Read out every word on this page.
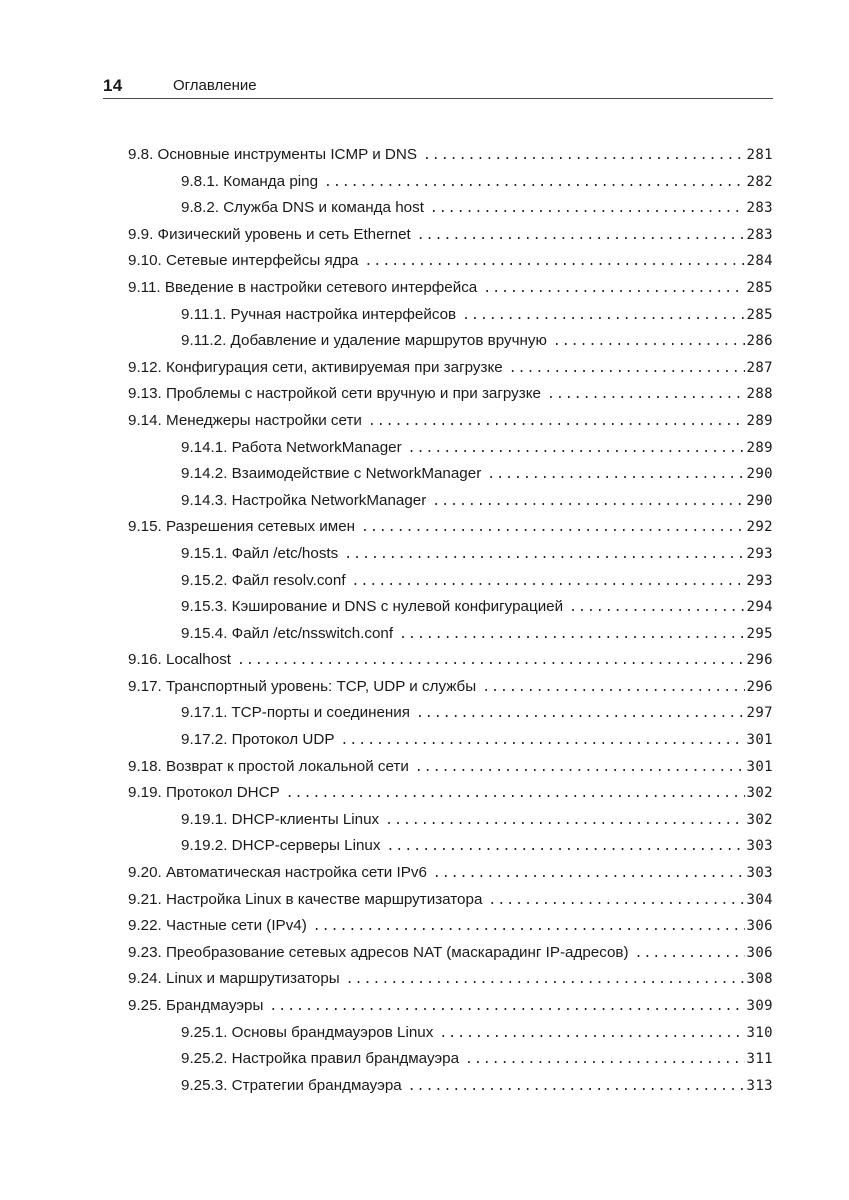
14	Оглавление
9.8. Основные инструменты ICMP и DNS .....	281
9.8.1. Команда ping .....	282
9.8.2. Служба DNS и команда host .....	283
9.9. Физический уровень и сеть Ethernet .....	283
9.10. Сетевые интерфейсы ядра .....	284
9.11. Введение в настройки сетевого интерфейса .....	285
9.11.1. Ручная настройка интерфейсов .....	285
9.11.2. Добавление и удаление маршрутов вручную .....	286
9.12. Конфигурация сети, активируемая при загрузке .....	287
9.13. Проблемы с настройкой сети вручную и при загрузке .....	288
9.14. Менеджеры настройки сети .....	289
9.14.1. Работа NetworkManager .....	289
9.14.2. Взаимодействие с NetworkManager .....	290
9.14.3. Настройка NetworkManager .....	290
9.15. Разрешения сетевых имен .....	292
9.15.1. Файл /etc/hosts .....	293
9.15.2. Файл resolv.conf .....	293
9.15.3. Кэширование и DNS с нулевой конфигурацией .....	294
9.15.4. Файл /etc/nsswitch.conf .....	295
9.16. Localhost .....	296
9.17. Транспортный уровень: TCP, UDP и службы .....	296
9.17.1. TCP-порты и соединения .....	297
9.17.2. Протокол UDP .....	301
9.18. Возврат к простой локальной сети .....	301
9.19. Протокол DHCP .....	302
9.19.1. DHCP-клиенты Linux .....	302
9.19.2. DHCP-серверы Linux .....	303
9.20. Автоматическая настройка сети IPv6 .....	303
9.21. Настройка Linux в качестве маршрутизатора .....	304
9.22. Частные сети (IPv4) .....	306
9.23. Преобразование сетевых адресов NAT (маскарадинг IP-адресов) .....	306
9.24. Linux и маршрутизаторы .....	308
9.25. Брандмауэры .....	309
9.25.1. Основы брандмауэров Linux .....	310
9.25.2. Настройка правил брандмауэра .....	311
9.25.3. Стратегии брандмауэра .....	313
